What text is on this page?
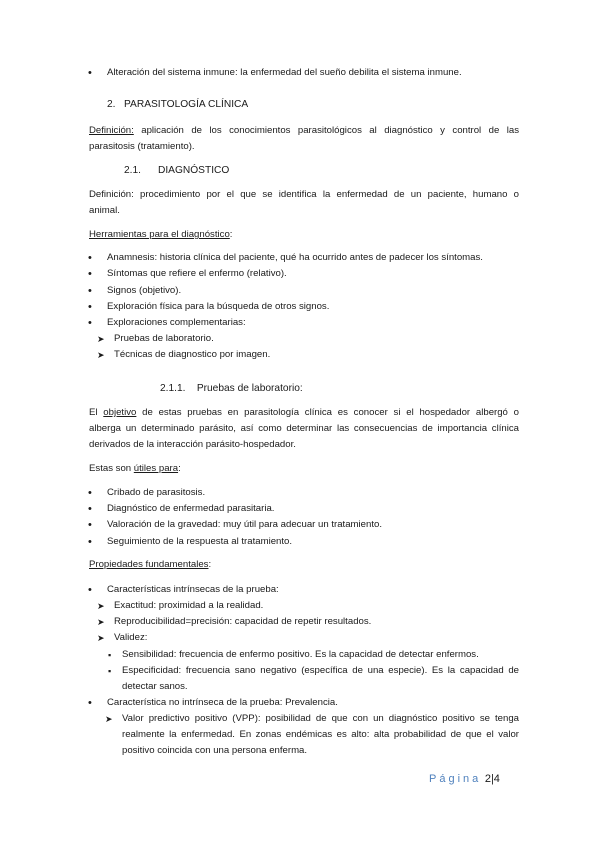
• Alteración del sistema inmune: la enfermedad del sueño debilita el sistema inmune.
2. PARASITOLOGÍA CLÍNICA
Definición: aplicación de los conocimientos parasitológicos al diagnóstico y control de las
parasitosis (tratamiento).
2.1. DIAGNÓSTICO
Definición: procedimiento por el que se identifica la enfermedad de un paciente, humano o
animal.
Herramientas para el diagnóstico:
• Anamnesis: historia clínica del paciente, qué ha ocurrido antes de padecer los síntomas.
• Síntomas que refiere el enfermo (relativo).
• Signos (objetivo).
• Exploración física para la búsqueda de otros signos.
• Exploraciones complementarias:
➤ Pruebas de laboratorio.
➤ Técnicas de diagnostico por imagen.
2.1.1. Pruebas de laboratorio:
El objetivo de estas pruebas en parasitología clínica es conocer si el hospedador albergó o
alberga un determinado parásito, así como determinar las consecuencias de importancia clínica
derivados de la interacción parásito-hospedador.
Estas son útiles para:
• Cribado de parasitosis.
• Diagnóstico de enfermedad parasitaria.
• Valoración de la gravedad: muy útil para adecuar un tratamiento.
• Seguimiento de la respuesta al tratamiento.
Propiedades fundamentales:
• Características intrínsecas de la prueba:
➤ Exactitud: proximidad a la realidad.
➤ Reproducibilidad=precisión: capacidad de repetir resultados.
➤ Validez:
▪ Sensibilidad: frecuencia de enfermo positivo. Es la capacidad de detectar enfermos.
▪ Especificidad: frecuencia sano negativo (específica de una especie). Es la capacidad de
detectar sanos.
• Característica no intrínseca de la prueba: Prevalencia.
➤ Valor predictivo positivo (VPP): posibilidad de que con un diagnóstico positivo se tenga
realmente la enfermedad. En zonas endémicas es alto: alta probabilidad de que el valor
positivo coincida con una persona enferma.
Página 2|4
